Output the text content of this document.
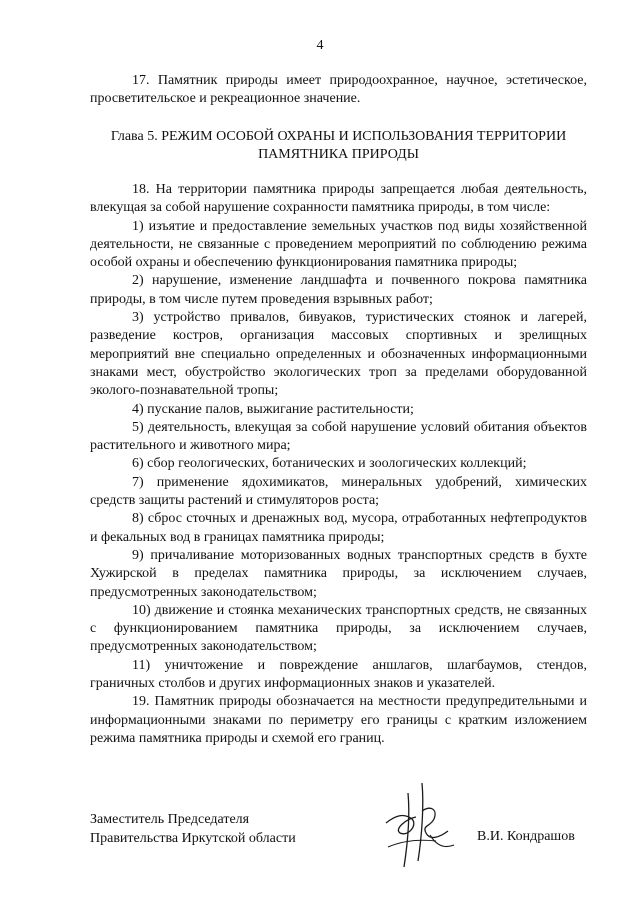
4

17. Памятник природы имеет природоохранное, научное, эстетическое, просветительское и рекреационное значение.

Глава 5. РЕЖИМ ОСОБОЙ ОХРАНЫ И ИСПОЛЬЗОВАНИЯ ТЕРРИТОРИИ
ПАМЯТНИКА ПРИРОДЫ

18. На территории памятника природы запрещается любая деятельность, влекущая за собой нарушение сохранности памятника природы, в том числе:

1) изъятие и предоставление земельных участков под виды хозяйственной деятельности, не связанные с проведением мероприятий по соблюдению режима особой охраны и обеспечению функционирования памятника природы;

2) нарушение, изменение ландшафта и почвенного покрова памятника природы, в том числе путем проведения взрывных работ;

3) устройство привалов, бивуаков, туристических стоянок и лагерей, разведение костров, организация массовых спортивных и зрелищных мероприятий вне специально определенных и обозначенных информационными знаками мест, обустройство экологических троп за пределами оборудованной эколого-познавательной тропы;

4) пускание палов, выжигание растительности;

5) деятельность, влекущая за собой нарушение условий обитания объектов растительного и животного мира;

6) сбор геологических, ботанических и зоологических коллекций;

7) применение ядохимикатов, минеральных удобрений, химических средств защиты растений и стимуляторов роста;

8) сброс сточных и дренажных вод, мусора, отработанных нефтепродуктов и фекальных вод в границах памятника природы;

9) причаливание моторизованных водных транспортных средств в бухте Хужирской в пределах памятника природы, за исключением случаев, предусмотренных законодательством;

10) движение и стоянка механических транспортных средств, не связанных с функционированием памятника природы, за исключением случаев, предусмотренных законодательством;

11) уничтожение и повреждение аншлагов, шлагбаумов, стендов, граничных столбов и других информационных знаков и указателей.

19. Памятник природы обозначается на местности предупредительными и информационными знаками по периметру его границы с кратким изложением режима памятника природы и схемой его границ.

Заместитель Председателя
Правительства Иркутской области	В.И. Кондрашов
